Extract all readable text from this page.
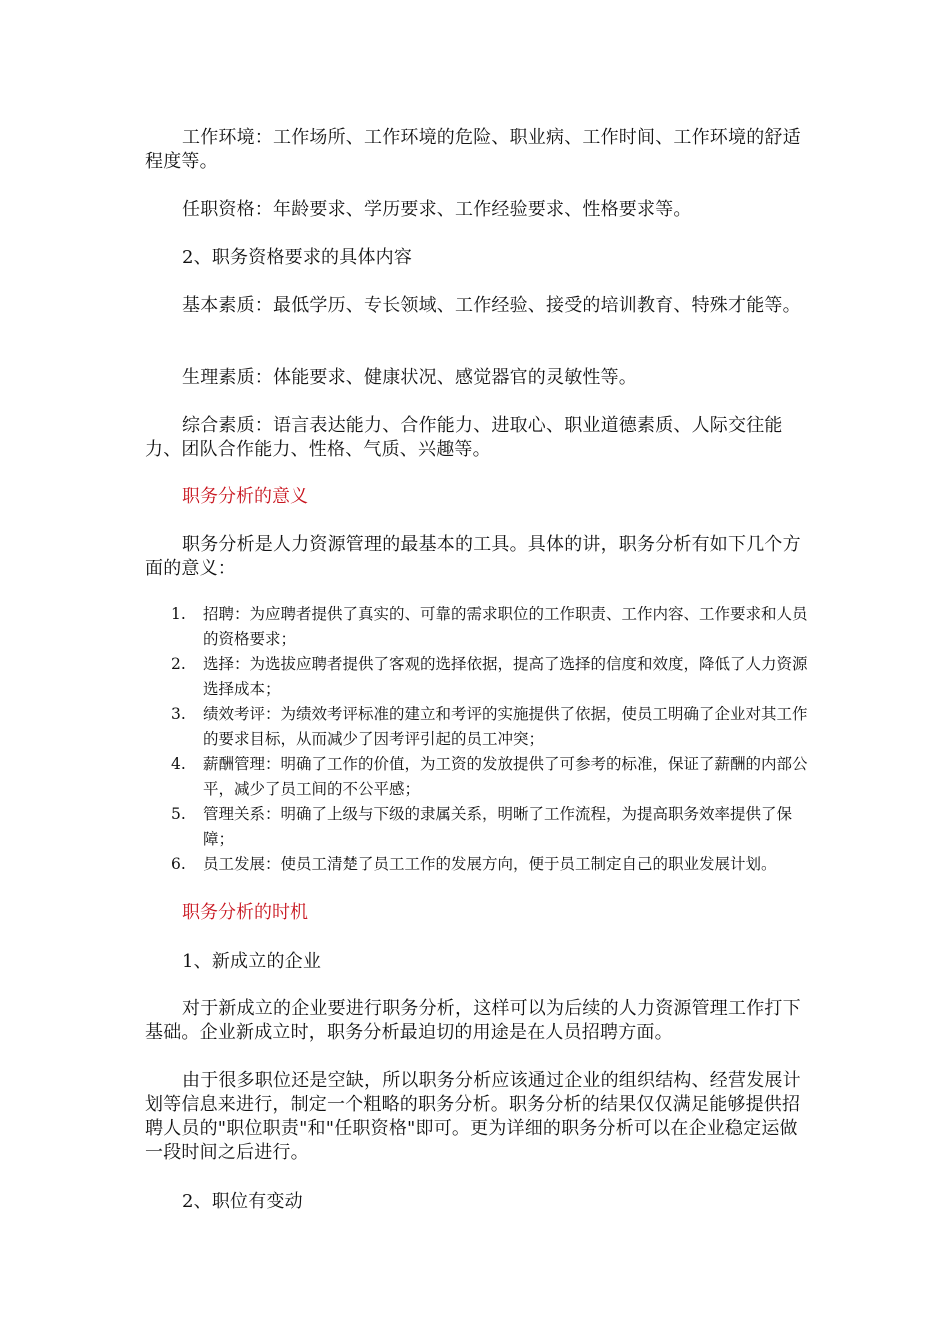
工作环境：工作场所、工作环境的危险、职业病、工作时间、工作环境的舒适程度等。

任职资格：年龄要求、学历要求、工作经验要求、性格要求等。

2、职务资格要求的具体内容

基本素质：最低学历、专长领域、工作经验、接受的培训教育、特殊才能等。

生理素质：体能要求、健康状况、感觉器官的灵敏性等。

综合素质：语言表达能力、合作能力、进取心、职业道德素质、人际交往能力、团队合作能力、性格、气质、兴趣等。

职务分析的意义

职务分析是人力资源管理的最基本的工具。具体的讲，职务分析有如下几个方面的意义：

1. 招聘：为应聘者提供了真实的、可靠的需求职位的工作职责、工作内容、工作要求和人员的资格要求；
2. 选择：为选拔应聘者提供了客观的选择依据，提高了选择的信度和效度，降低了人力资源选择成本；
3. 绩效考评：为绩效考评标准的建立和考评的实施提供了依据，使员工明确了企业对其工作的要求目标，从而减少了因考评引起的员工冲突；
4. 薪酬管理：明确了工作的价值，为工资的发放提供了可参考的标准，保证了薪酬的内部公平，减少了员工间的不公平感；
5. 管理关系：明确了上级与下级的隶属关系，明晰了工作流程，为提高职务效率提供了保障；
6. 员工发展：使员工清楚了员工工作的发展方向，便于员工制定自己的职业发展计划。

职务分析的时机

1、新成立的企业

对于新成立的企业要进行职务分析，这样可以为后续的人力资源管理工作打下基础。企业新成立时，职务分析最迫切的用途是在人员招聘方面。

由于很多职位还是空缺，所以职务分析应该通过企业的组织结构、经营发展计划等信息来进行，制定一个粗略的职务分析。职务分析的结果仅仅满足能够提供招聘人员的"职位职责"和"任职资格"即可。更为详细的职务分析可以在企业稳定运做一段时间之后进行。

2、职位有变动
